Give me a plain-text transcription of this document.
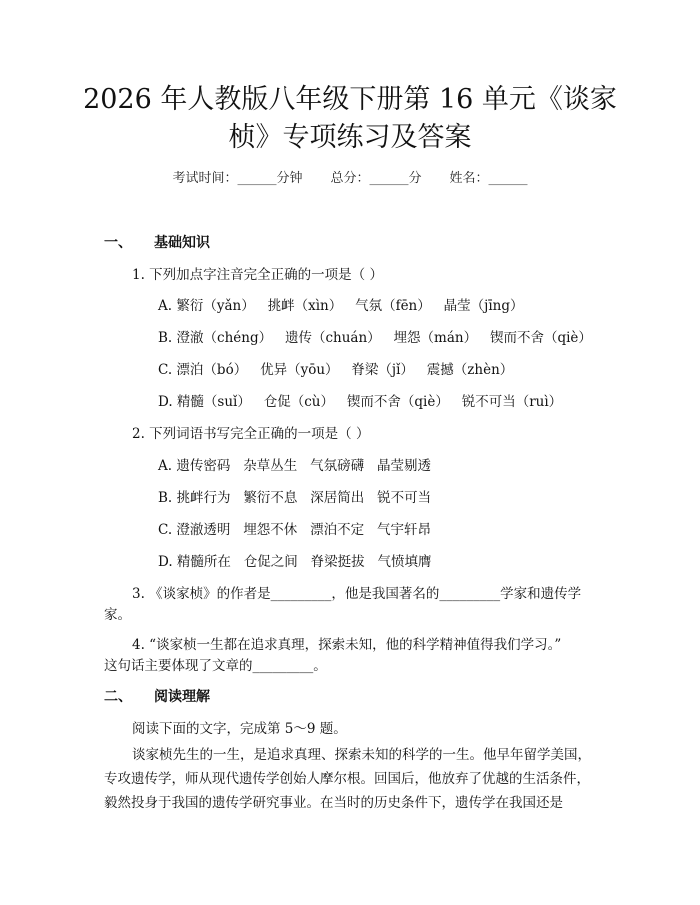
2026 年人教版八年级下册第 16 单元《谈家
桢》专项练习及答案
考试时间：______分钟 总分：______分 姓名：______
一、 基础知识
1. 下列加点字注音完全正确的一项是（ ）
A. 繁衍（yǎn）   挑衅（xìn）   气氛（fēn）   晶莹（jīng）
B. 澄澈（chéng）   遗传（chuán）   埋怨（mán）   锲而不舍（qiè）
C. 漂泊（bó）   优异（yōu）   脊梁（jǐ）   震撼（zhèn）
D. 精髓（suǐ）   仓促（cù）   锲而不舍（qiè）   锐不可当（ruì）
2. 下列词语书写完全正确的一项是（ ）
A. 遗传密码   杂草丛生   气氛磅礴   晶莹剔透
B. 挑衅行为   繁衍不息   深居简出   锐不可当
C. 澄澈透明   埋怨不休   漂泊不定   气宇轩昂
D. 精髓所在   仓促之间   脊梁挺拔   气愤填膺
3. 《谈家桢》的作者是_________，他是我国著名的_________学家和遗传学
家。
4. “谈家桢一生都在追求真理，探索未知，他的科学精神值得我们学习。”
这句话主要体现了文章的_________。
二、 阅读理解
阅读下面的文字，完成第 5～9 题。
谈家桢先生的一生，是追求真理、探索未知的科学的一生。他早年留学美国，专攻遗传学，师从现代遗传学创始人摩尔根。回国后，他放弃了优越的生活条件，毅然投身于我国的遗传学研究事业。在当时的历史条件下，遗传学在我国还是
